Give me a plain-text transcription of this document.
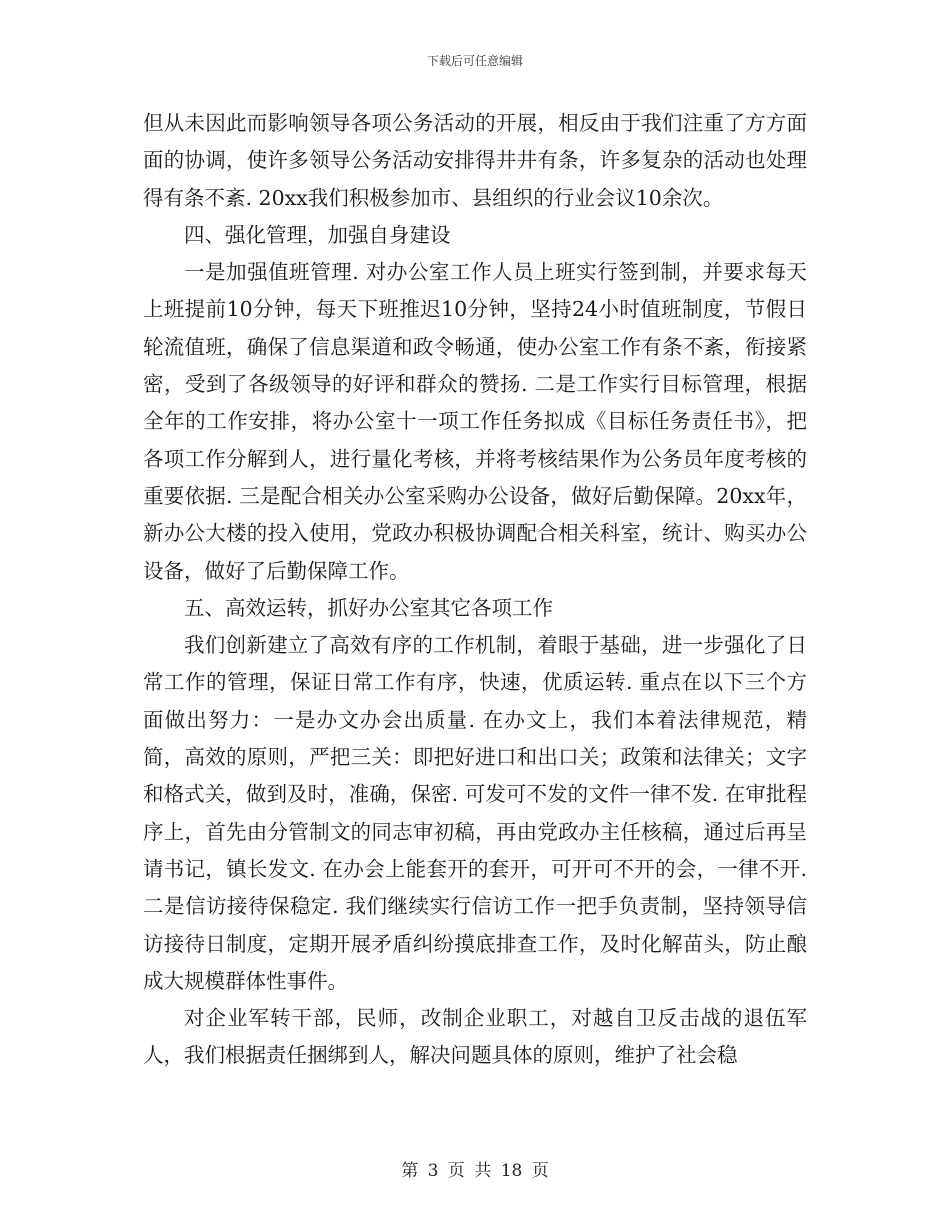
下载后可任意编辑

但从未因此而影响领导各项公务活动的开展，相反由于我们注重了方方面面的协调，使许多领导公务活动安排得井井有条，许多复杂的活动也处理得有条不紊. 20xx我们积极参加市、县组织的行业会议10余次。

四、强化管理，加强自身建设

一是加强值班管理. 对办公室工作人员上班实行签到制，并要求每天上班提前10分钟，每天下班推迟10分钟，坚持24小时值班制度，节假日轮流值班，确保了信息渠道和政令畅通，使办公室工作有条不紊，衔接紧密，受到了各级领导的好评和群众的赞扬. 二是工作实行目标管理，根据全年的工作安排，将办公室十一项工作任务拟成《目标任务责任书》，把各项工作分解到人，进行量化考核，并将考核结果作为公务员年度考核的重要依据. 三是配合相关办公室采购办公设备，做好后勤保障。20xx年，新办公大楼的投入使用，党政办积极协调配合相关科室，统计、购买办公设备，做好了后勤保障工作。

五、高效运转，抓好办公室其它各项工作

我们创新建立了高效有序的工作机制，着眼于基础，进一步强化了日常工作的管理，保证日常工作有序，快速，优质运转. 重点在以下三个方面做出努力：一是办文办会出质量. 在办文上，我们本着法律规范，精简，高效的原则，严把三关：即把好进口和出口关；政策和法律关；文字和格式关，做到及时，准确，保密. 可发可不发的文件一律不发. 在审批程序上，首先由分管制文的同志审初稿，再由党政办主任核稿，通过后再呈请书记，镇长发文. 在办会上能套开的套开，可开可不开的会，一律不开. 二是信访接待保稳定. 我们继续实行信访工作一把手负责制，坚持领导信访接待日制度，定期开展矛盾纠纷摸底排查工作，及时化解苗头，防止酿成大规模群体性事件。

对企业军转干部，民师，改制企业职工，对越自卫反击战的退伍军人，我们根据责任捆绑到人，解决问题具体的原则，维护了社会稳

第 3 页 共 18 页
